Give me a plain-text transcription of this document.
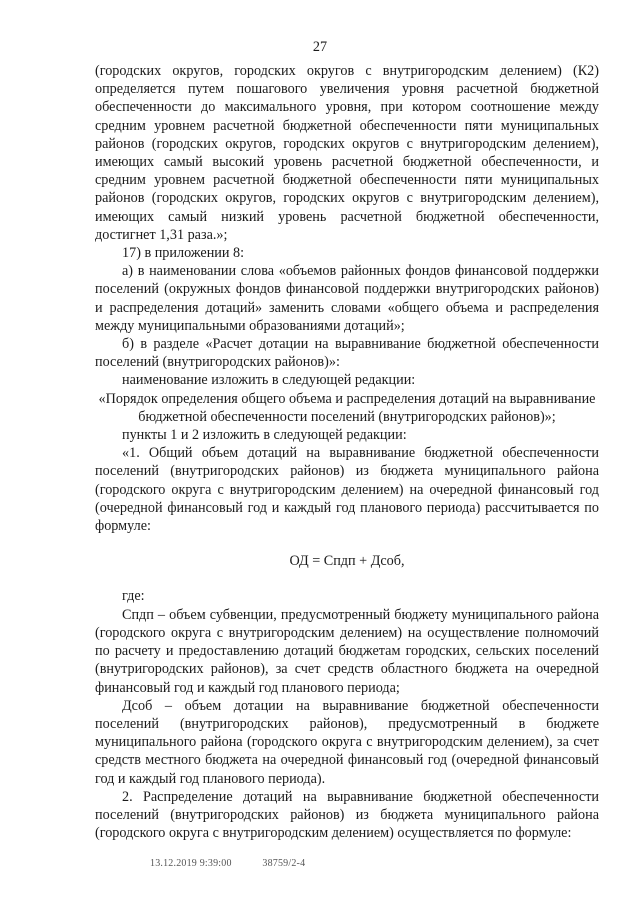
27

(городских округов, городских округов с внутригородским делением) (К2) определяется путем пошагового увеличения уровня расчетной бюджетной обеспеченности до максимального уровня, при котором соотношение между средним уровнем расчетной бюджетной обеспеченности пяти муниципальных районов (городских округов, городских округов с внутригородским делением), имеющих самый высокий уровень расчетной бюджетной обеспеченности, и средним уровнем расчетной бюджетной обеспеченности пяти муниципальных районов (городских округов, городских округов с внутригородским делением), имеющих самый низкий уровень расчетной бюджетной обеспеченности, достигнет 1,31 раза.»;

17) в приложении 8:

а) в наименовании слова «объемов районных фондов финансовой поддержки поселений (окружных фондов финансовой поддержки внутригородских районов) и распределения дотаций» заменить словами «общего объема и распределения между муниципальными образованиями дотаций»;

б) в разделе «Расчет дотации на выравнивание бюджетной обеспеченности поселений (внутригородских районов)»:

наименование изложить в следующей редакции:

«Порядок определения общего объема и распределения дотаций на выравнивание бюджетной обеспеченности поселений (внутригородских районов)»;

пункты 1 и 2 изложить в следующей редакции:

«1. Общий объем дотаций на выравнивание бюджетной обеспеченности поселений (внутригородских районов) из бюджета муниципального района (городского округа с внутригородским делением) на очередной финансовый год (очередной финансовый год и каждый год планового периода) рассчитывается по формуле:

ОД = Спдп + Дсоб,

где:

Спдп – объем субвенции, предусмотренный бюджету муниципального района (городского округа с внутригородским делением) на осуществление полномочий по расчету и предоставлению дотаций бюджетам городских, сельских поселений (внутригородских районов), за счет средств областного бюджета на очередной финансовый год и каждый год планового периода;

Дсоб – объем дотации на выравнивание бюджетной обеспеченности поселений (внутригородских районов), предусмотренный в бюджете муниципального района (городского округа с внутригородским делением), за счет средств местного бюджета на очередной финансовый год (очередной финансовый год и каждый год планового периода).

2. Распределение дотаций на выравнивание бюджетной обеспеченности поселений (внутригородских районов) из бюджета муниципального района (городского округа с внутригородским делением) осуществляется по формуле:

13.12.2019 9:39:00	38759/2-4
